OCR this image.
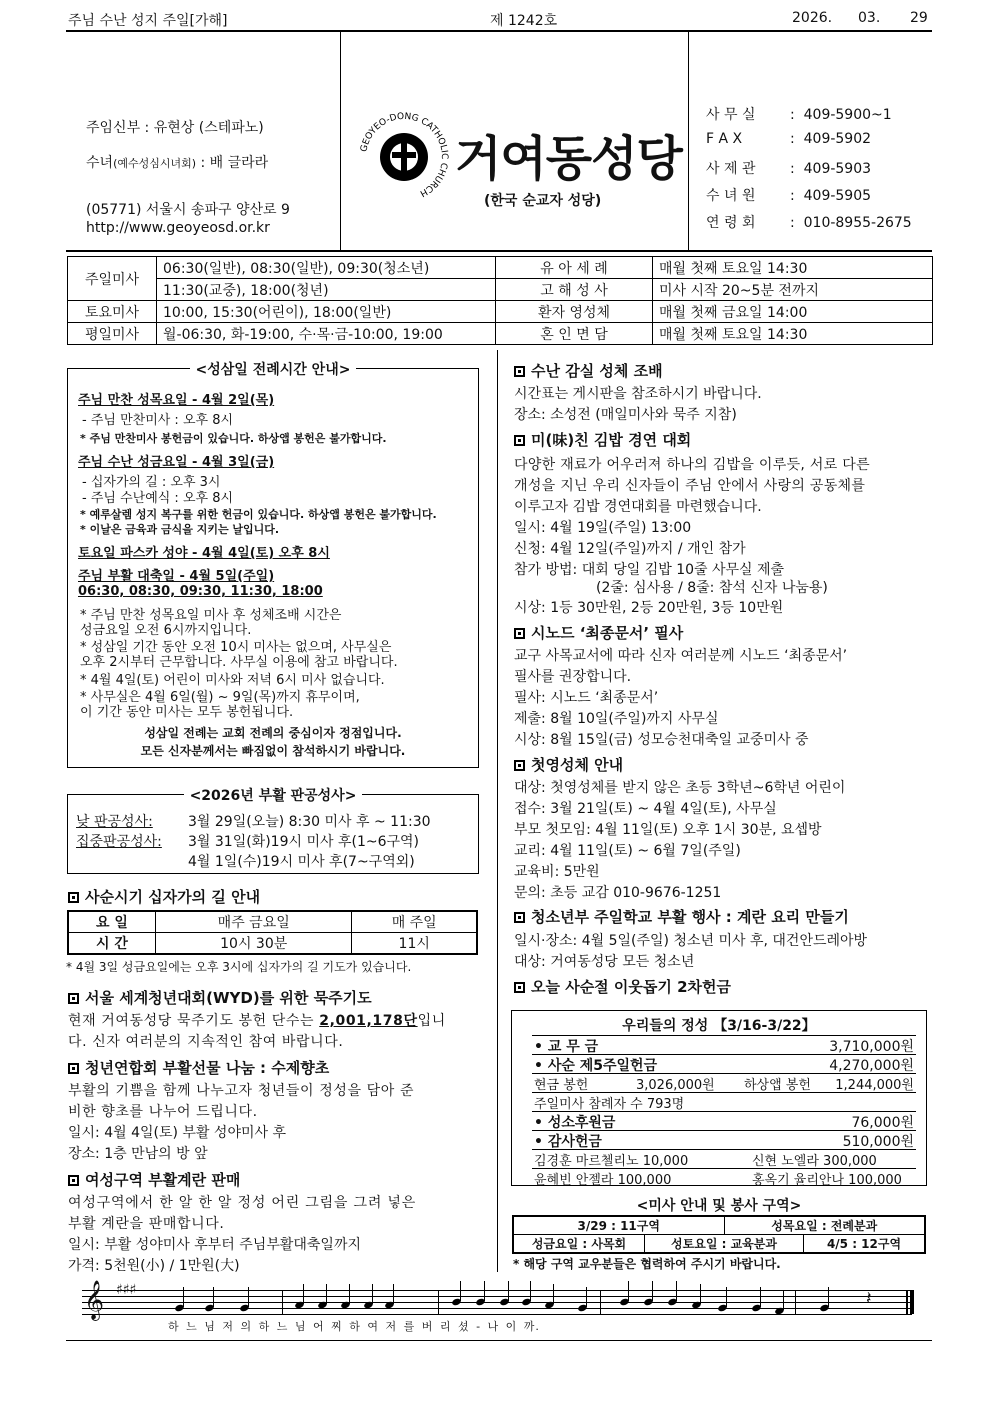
주님 수난 성지 주일[가해]	제 1242호	2026. 03. 29
주임신부 : 유현상 (스테파노)
수녀(예수성심시녀회) : 배 글라라
(05771) 서울시 송파구 양산로 9
http://www.geoyeosd.or.kr
GEOYEO-DONG CATHOLIC CHURCH
거여동성당
(한국 순교자 성당)
사 무 실 :  409-5900~1
F A X	:  409-5902
사 제 관 :  409-5903
수 녀 원 :  409-5905
연 령 회 :  010-8955-2675
주일미사	06:30(일반), 08:30(일반), 09:30(청소년)	유 아 세 례	매월 첫째 토요일 14:30
	11:30(교중), 18:00(청년)	고 해 성 사	미사 시작 20~5분 전까지
토요미사	10:00, 15:30(어린이), 18:00(일반)	환자 영성체	매월 첫째 금요일 14:00
평일미사	월-06:30, 화-19:00, 수·목·금-10:00, 19:00	혼 인 면 담	매월 첫째 토요일 14:30
<성삼일 전례시간 안내>
주님 만찬 성목요일 - 4월 2일(목)
- 주님 만찬미사 : 오후 8시
* 주님 만찬미사 봉헌금이 있습니다. 하상앱 봉헌은 불가합니다.
주님 수난 성금요일 - 4월 3일(금)
- 십자가의 길 : 오후 3시
- 주님 수난예식 : 오후 8시
* 예루살렘 성지 복구를 위한 헌금이 있습니다. 하상앱 봉헌은 불가합니다.
* 이날은 금육과 금식을 지키는 날입니다.
토요일 파스카 성야 - 4월 4일(토) 오후 8시
주님 부활 대축일 - 4월 5일(주일)
06:30, 08:30, 09:30, 11:30, 18:00
* 주님 만찬 성목요일 미사 후 성체조배 시간은
성금요일 오전 6시까지입니다.
* 성삼일 기간 동안 오전 10시 미사는 없으며, 사무실은
오후 2시부터 근무합니다. 사무실 이용에 참고 바랍니다.
* 4월 4일(토) 어린이 미사와 저녁 6시 미사 없습니다.
* 사무실은 4월 6일(월) ~ 9일(목)까지 휴무이며,
이 기간 동안 미사는 모두 봉헌됩니다.
성삼일 전례는 교회 전례의 중심이자 정점입니다.
모든 신자분께서는 빠짐없이 참석하시기 바랍니다.
<2026년 부활 판공성사>
낮 판공성사:	3월 29일(오늘) 8:30 미사 후 ~ 11:30
집중판공성사: 3월 31일(화)19시 미사 후(1~6구역)
4월 1일(수)19시 미사 후(7~구역외)
사순시기 십자가의 길 안내
요 일	매주 금요일	매 주일
시 간	10시 30분	11시
* 4월 3일 성금요일에는 오후 3시에 십자가의 길 기도가 있습니다.
서울 세계청년대회(WYD)를 위한 묵주기도
현재 거여동성당 묵주기도 봉헌 단수는 2,001,178단입니
다. 신자 여러분의 지속적인 참여 바랍니다.
청년연합회 부활선물 나눔 : 수제향초
부활의 기쁨을 함께 나누고자 청년들이 정성을 담아 준
비한 향초를 나누어 드립니다.
일시: 4월 4일(토) 부활 성야미사 후
장소: 1층 만남의 방 앞
여성구역 부활계란 판매
여성구역에서 한 알 한 알 정성 어린 그림을 그려 넣은
부활 계란을 판매합니다.
일시: 부활 성야미사 후부터 주님부활대축일까지
가격: 5천원(小) / 1만원(大)
수난 감실 성체 조배
시간표는 게시판을 참조하시기 바랍니다.
장소: 소성전 (매일미사와 묵주 지참)
미(味)친 김밥 경연 대회
다양한 재료가 어우러져 하나의 김밥을 이루듯, 서로 다른
개성을 지닌 우리 신자들이 주님 안에서 사랑의 공동체를
이루고자 김밥 경연대회를 마련했습니다.
일시: 4월 19일(주일) 13:00
신청: 4월 12일(주일)까지 / 개인 참가
참가 방법: 대회 당일 김밥 10줄 사무실 제출
(2줄: 심사용 / 8줄: 참석 신자 나눔용)
시상: 1등 30만원, 2등 20만원, 3등 10만원
시노드 ‘최종문서’ 필사
교구 사목교서에 따라 신자 여러분께 시노드 ‘최종문서’
필사를 권장합니다.
필사: 시노드 ‘최종문서’
제출: 8월 10일(주일)까지 사무실
시상: 8월 15일(금) 성모승천대축일 교중미사 중
첫영성체 안내
대상: 첫영성체를 받지 않은 초등 3학년~6학년 어린이
접수: 3월 21일(토) ~ 4월 4일(토), 사무실
부모 첫모임: 4월 11일(토) 오후 1시 30분, 요셉방
교리: 4월 11일(토) ~ 6월 7일(주일)
교육비: 5만원
문의: 초등 교감 010-9676-1251
청소년부 주일학교 부활 행사 : 계란 요리 만들기
일시·장소: 4월 5일(주일) 청소년 미사 후, 대건안드레아방
대상: 거여동성당 모든 청소년
오늘 사순절 이웃돕기 2차헌금
우리들의 정성 【3/16-3/22】
• 교 무 금	3,710,000원
• 사순 제5주일헌금	4,270,000원
현금 봉헌	3,026,000원 하상앱 봉헌 1,244,000원
주일미사 참례자 수 793명
• 성소후원금	76,000원
• 감사헌금	510,000원
김경훈 마르첼리노 10,000	신현 노엘라 300,000
윤혜빈 안젤라 100,000	홍옥기 율리안나 100,000
<미사 안내 및 봉사 구역>
3/29 : 11구역		성목요일 : 전례분과	
성금요일 : 사목회	성토요일 : 교육분과		4/5 : 12구역
* 해당 구역 교우분들은 협력하여 주시기 바랍니다.
𝄞 ♯♯♯	𝄽
하 느 님 저 의 하 느 님 어 찌 하 여 저 를 버 리 셨 - 나 이 까.
